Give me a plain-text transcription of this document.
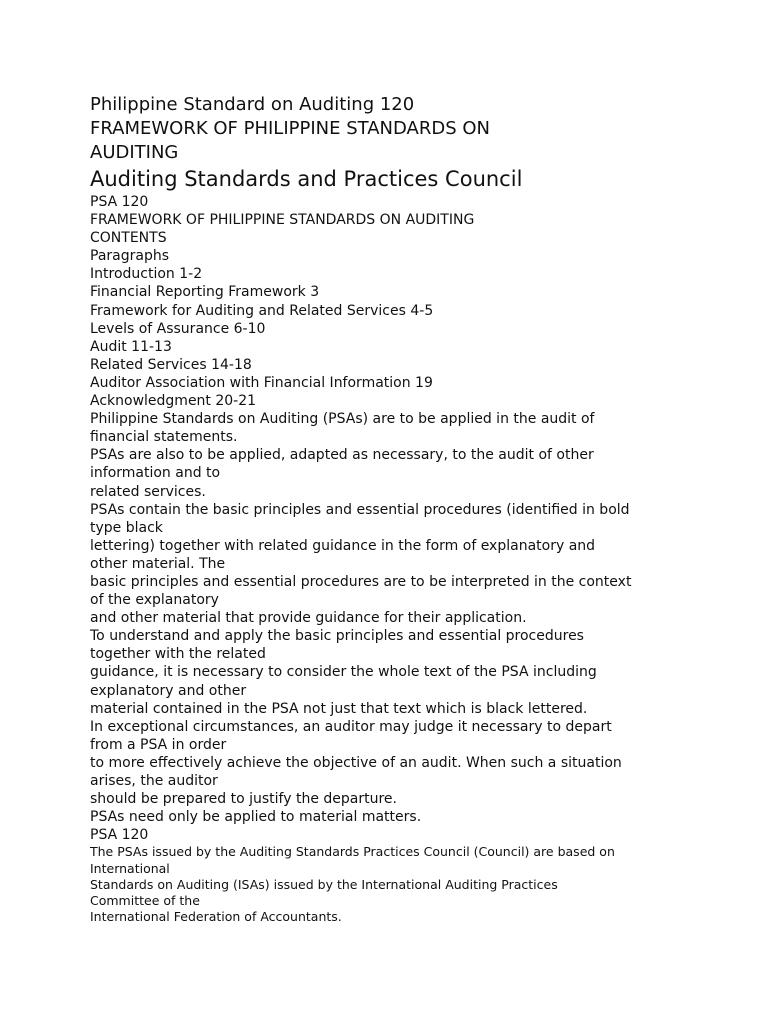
Philippine Standard on Auditing 120
FRAMEWORK OF PHILIPPINE STANDARDS ON
AUDITING
Auditing Standards and Practices Council
PSA 120
FRAMEWORK OF PHILIPPINE STANDARDS ON AUDITING
CONTENTS
Paragraphs
Introduction 1-2
Financial Reporting Framework 3
Framework for Auditing and Related Services 4-5
Levels of Assurance 6-10
Audit 11-13
Related Services 14-18
Auditor Association with Financial Information 19
Acknowledgment 20-21
Philippine Standards on Auditing (PSAs) are to be applied in the audit of
financial statements.
PSAs are also to be applied, adapted as necessary, to the audit of other
information and to
related services.
PSAs contain the basic principles and essential procedures (identified in bold
type black
lettering) together with related guidance in the form of explanatory and
other material. The
basic principles and essential procedures are to be interpreted in the context
of the explanatory
and other material that provide guidance for their application.
To understand and apply the basic principles and essential procedures
together with the related
guidance, it is necessary to consider the whole text of the PSA including
explanatory and other
material contained in the PSA not just that text which is black lettered.
In exceptional circumstances, an auditor may judge it necessary to depart
from a PSA in order
to more effectively achieve the objective of an audit. When such a situation
arises, the auditor
should be prepared to justify the departure.
PSAs need only be applied to material matters.
PSA 120
The PSAs issued by the Auditing Standards Practices Council (Council) are based on
International
Standards on Auditing (ISAs) issued by the International Auditing Practices
Committee of the
International Federation of Accountants.
